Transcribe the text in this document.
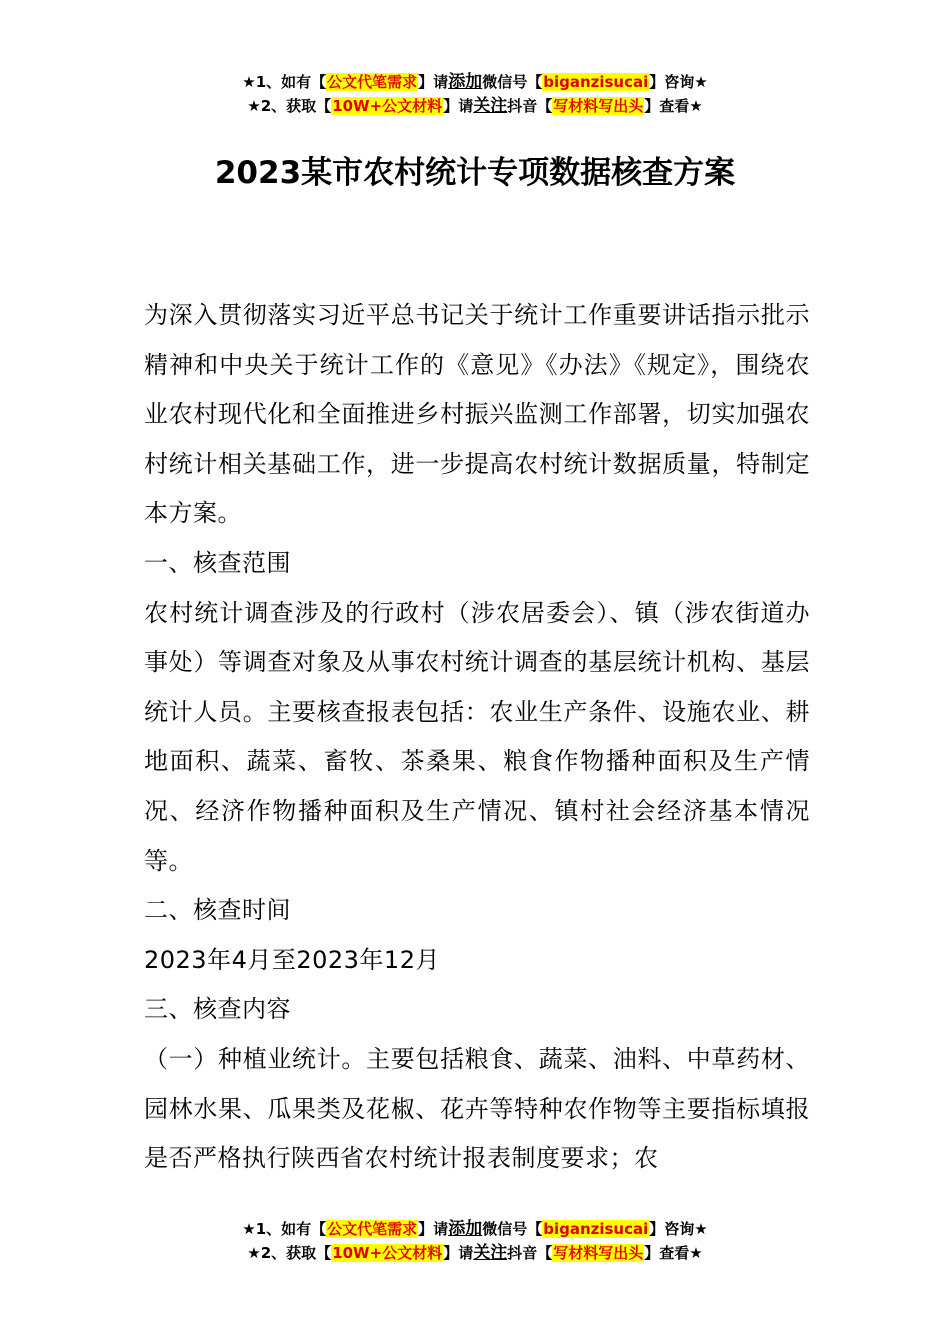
★1、如有【公文代笔需求】请添加微信号【biganzisucai】咨询★
★2、获取【10W+公文材料】请关注抖音【写材料写出头】查看★
2023某市农村统计专项数据核查方案

为深入贯彻落实习近平总书记关于统计工作重要讲话指示批示精神和中央关于统计工作的《意见》《办法》《规定》，围绕农业农村现代化和全面推进乡村振兴监测工作部署，切实加强农村统计相关基础工作，进一步提高农村统计数据质量，特制定本方案。

一、核查范围

农村统计调查涉及的行政村（涉农居委会）、镇（涉农街道办事处）等调查对象及从事农村统计调查的基层统计机构、基层统计人员。主要核查报表包括：农业生产条件、设施农业、耕地面积、蔬菜、畜牧、茶桑果、粮食作物播种面积及生产情况、经济作物播种面积及生产情况、镇村社会经济基本情况等。

二、核查时间

2023年4月至2023年12月

三、核查内容

（一）种植业统计。主要包括粮食、蔬菜、油料、中草药材、园林水果、瓜果类及花椒、花卉等特种农作物等主要指标填报是否严格执行陕西省农村统计报表制度要求；农

★1、如有【公文代笔需求】请添加微信号【biganzisucai】咨询★
★2、获取【10W+公文材料】请关注抖音【写材料写出头】查看★
